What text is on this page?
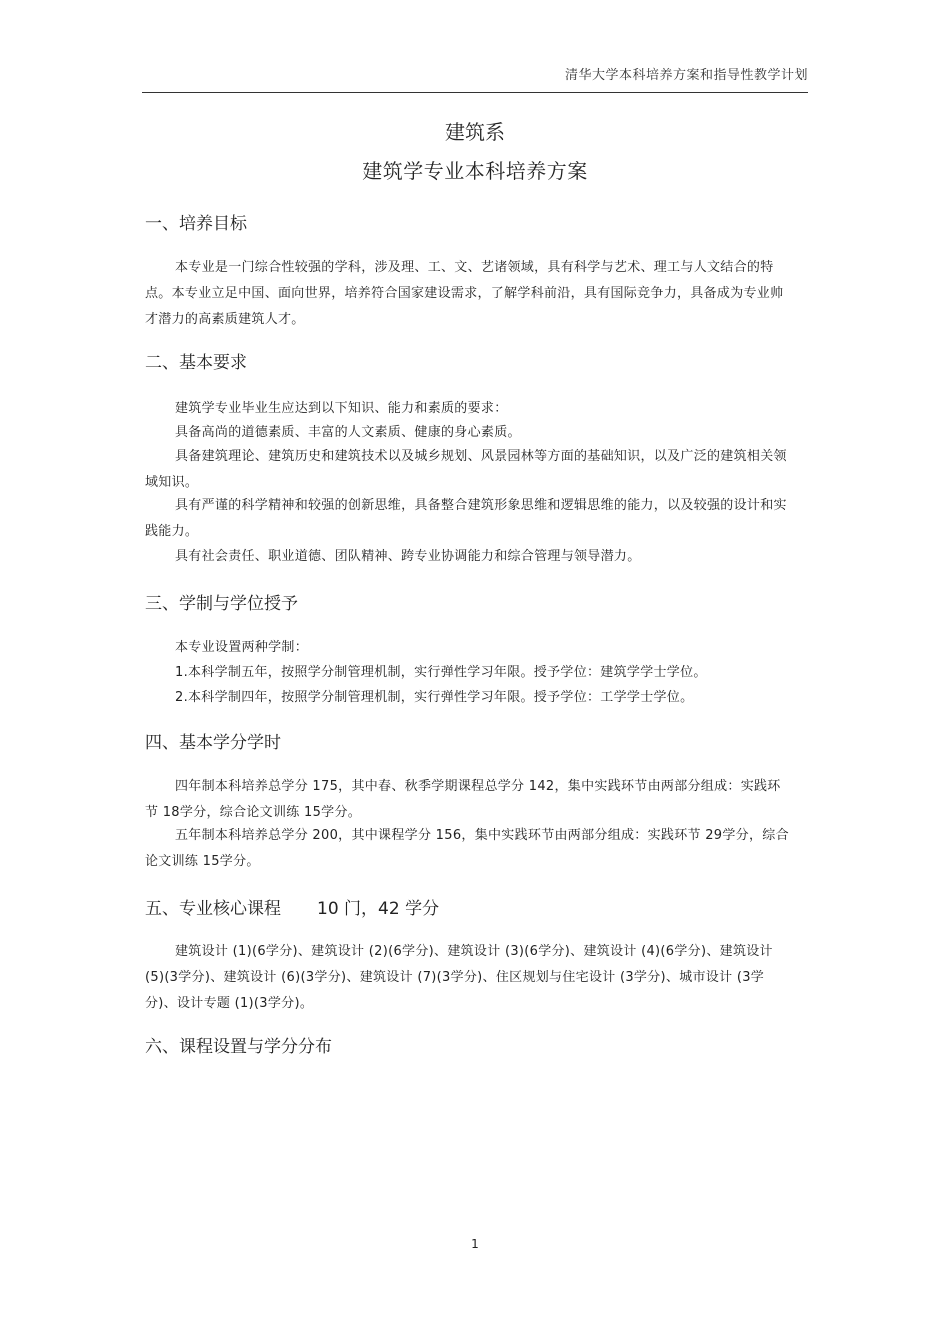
清华大学本科培养方案和指导性教学计划
建筑系
建筑学专业本科培养方案
一、培养目标

本专业是一门综合性较强的学科，涉及理、工、文、艺诸领域，具有科学与艺术、理工与人文结合的特点。本专业立足中国、面向世界，培养符合国家建设需求，了解学科前沿，具有国际竞争力，具备成为专业帅才潜力的高素质建筑人才。

二、基本要求

建筑学专业毕业生应达到以下知识、能力和素质的要求：

具备高尚的道德素质、丰富的人文素质、健康的身心素质。

具备建筑理论、建筑历史和建筑技术以及城乡规划、风景园林等方面的基础知识，以及广泛的建筑相关领域知识。

具有严谨的科学精神和较强的创新思维，具备整合建筑形象思维和逻辑思维的能力，以及较强的设计和实践能力。

具有社会责任、职业道德、团队精神、跨专业协调能力和综合管理与领导潜力。

三、学制与学位授予

本专业设置两种学制：

1.本科学制五年，按照学分制管理机制，实行弹性学习年限。授予学位：建筑学学士学位。

2.本科学制四年，按照学分制管理机制，实行弹性学习年限。授予学位：工学学士学位。

四、基本学分学时

四年制本科培养总学分 175，其中春、秋季学期课程总学分 142，集中实践环节由两部分组成：实践环节 18学分，综合论文训练 15学分。

五年制本科培养总学分 200，其中课程学分 156，集中实践环节由两部分组成：实践环节 29学分，综合论文训练 15学分。

五、专业核心课程 10 门，42 学分

建筑设计 (1)(6学分)、建筑设计 (2)(6学分)、建筑设计 (3)(6学分)、建筑设计 (4)(6学分)、建筑设计 (5)(3学分)、建筑设计 (6)(3学分)、建筑设计 (7)(3学分)、住区规划与住宅设计 (3学分)、城市设计 (3学分)、设计专题 (1)(3学分)。

六、课程设置与学分分布
1
